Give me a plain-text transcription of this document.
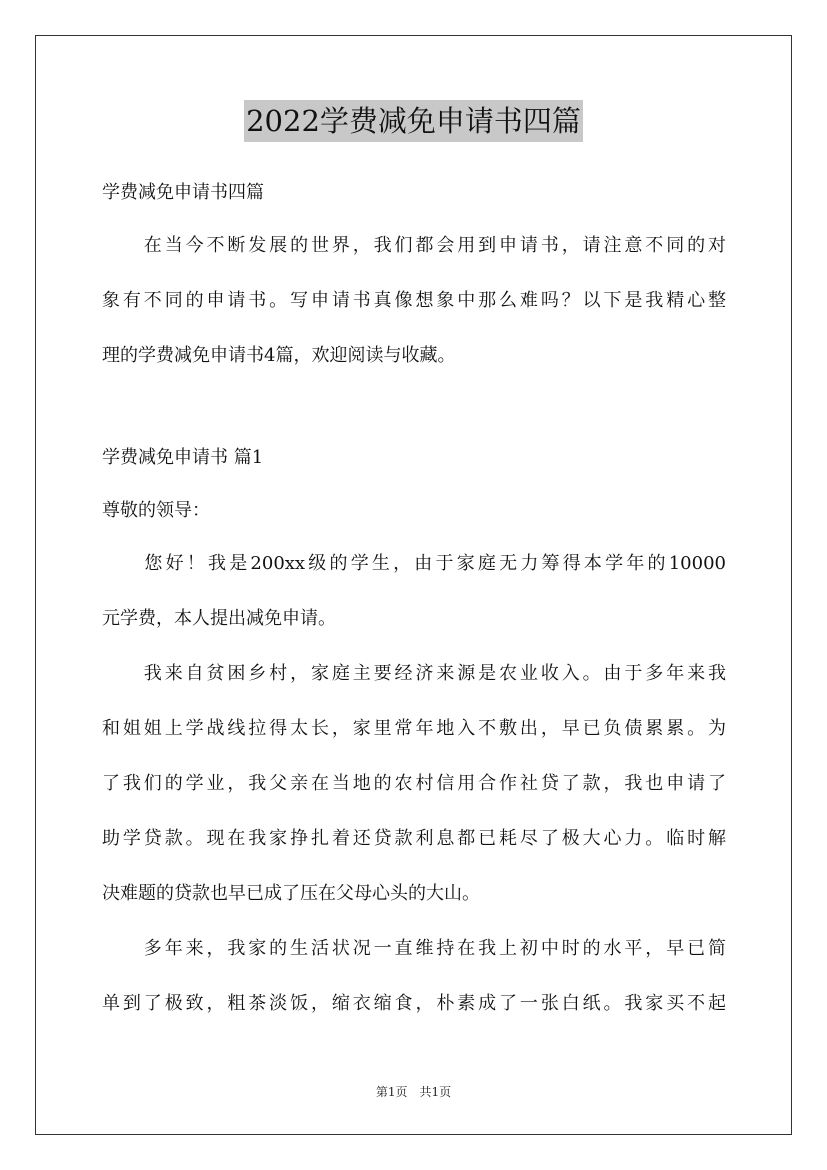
2022学费减免申请书四篇
学费减免申请书四篇
　　在当今不断发展的世界，我们都会用到申请书，请注意不同的对
象有不同的申请书。写申请书真像想象中那么难吗？以下是我精心整
理的学费减免申请书4篇，欢迎阅读与收藏。
学费减免申请书 篇1
尊敬的领导：
　　您好！我是200xx级的学生，由于家庭无力筹得本学年的10000
元学费，本人提出减免申请。
　　我来自贫困乡村，家庭主要经济来源是农业收入。由于多年来我
和姐姐上学战线拉得太长，家里常年地入不敷出，早已负债累累。为
了我们的学业，我父亲在当地的农村信用合作社贷了款，我也申请了
助学贷款。现在我家挣扎着还贷款利息都已耗尽了极大心力。临时解
决难题的贷款也早已成了压在父母心头的大山。
　　多年来，我家的生活状况一直维持在我上初中时的水平，早已简
单到了极致，粗茶淡饭，缩衣缩食，朴素成了一张白纸。我家买不起
第1页　共1页
